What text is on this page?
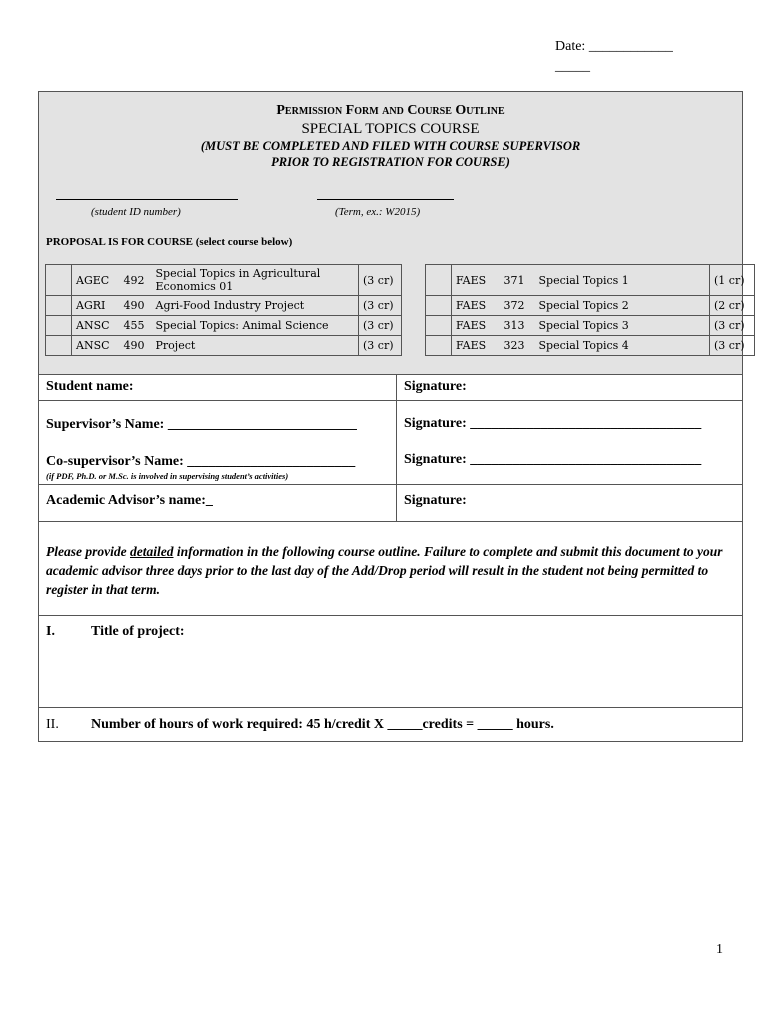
Date: ____________
_____
Permission Form and Course Outline
SPECIAL TOPICS COURSE
(MUST BE COMPLETED AND FILED WITH COURSE SUPERVISOR
PRIOR TO REGISTRATION FOR COURSE)
(student ID number)	(Term, ex.: W2015)
PROPOSAL IS FOR COURSE (select course below)
	AGEC	492	Special Topics in Agricultural Economics 01	(3 cr)
	AGRI	490	Agri-Food Industry Project	(3 cr)
	ANSC	455	Special Topics: Animal Science	(3 cr)
	ANSC	490	Project	(3 cr)
	FAES	371	Special Topics 1	(1 cr)
	FAES	372	Special Topics 2	(2 cr)
	FAES	313	Special Topics 3	(3 cr)
	FAES	323	Special Topics 4	(3 cr)
Student name:	Signature:
Supervisor’s Name: ___________________________	Signature: _________________________________
Co-supervisor’s Name: ________________________	Signature: _________________________________
(if PDF, Ph.D. or M.Sc. is involved in supervising student’s activities)
Academic Advisor’s name:_	Signature:
Please provide detailed information in the following course outline. Failure to complete and submit this document to your academic advisor three days prior to the last day of the Add/Drop period will result in the student not being permitted to register in that term.
I.	Title of project:
II. Number of hours of work required: 45 h/credit X _____credits = _____ hours.
1
